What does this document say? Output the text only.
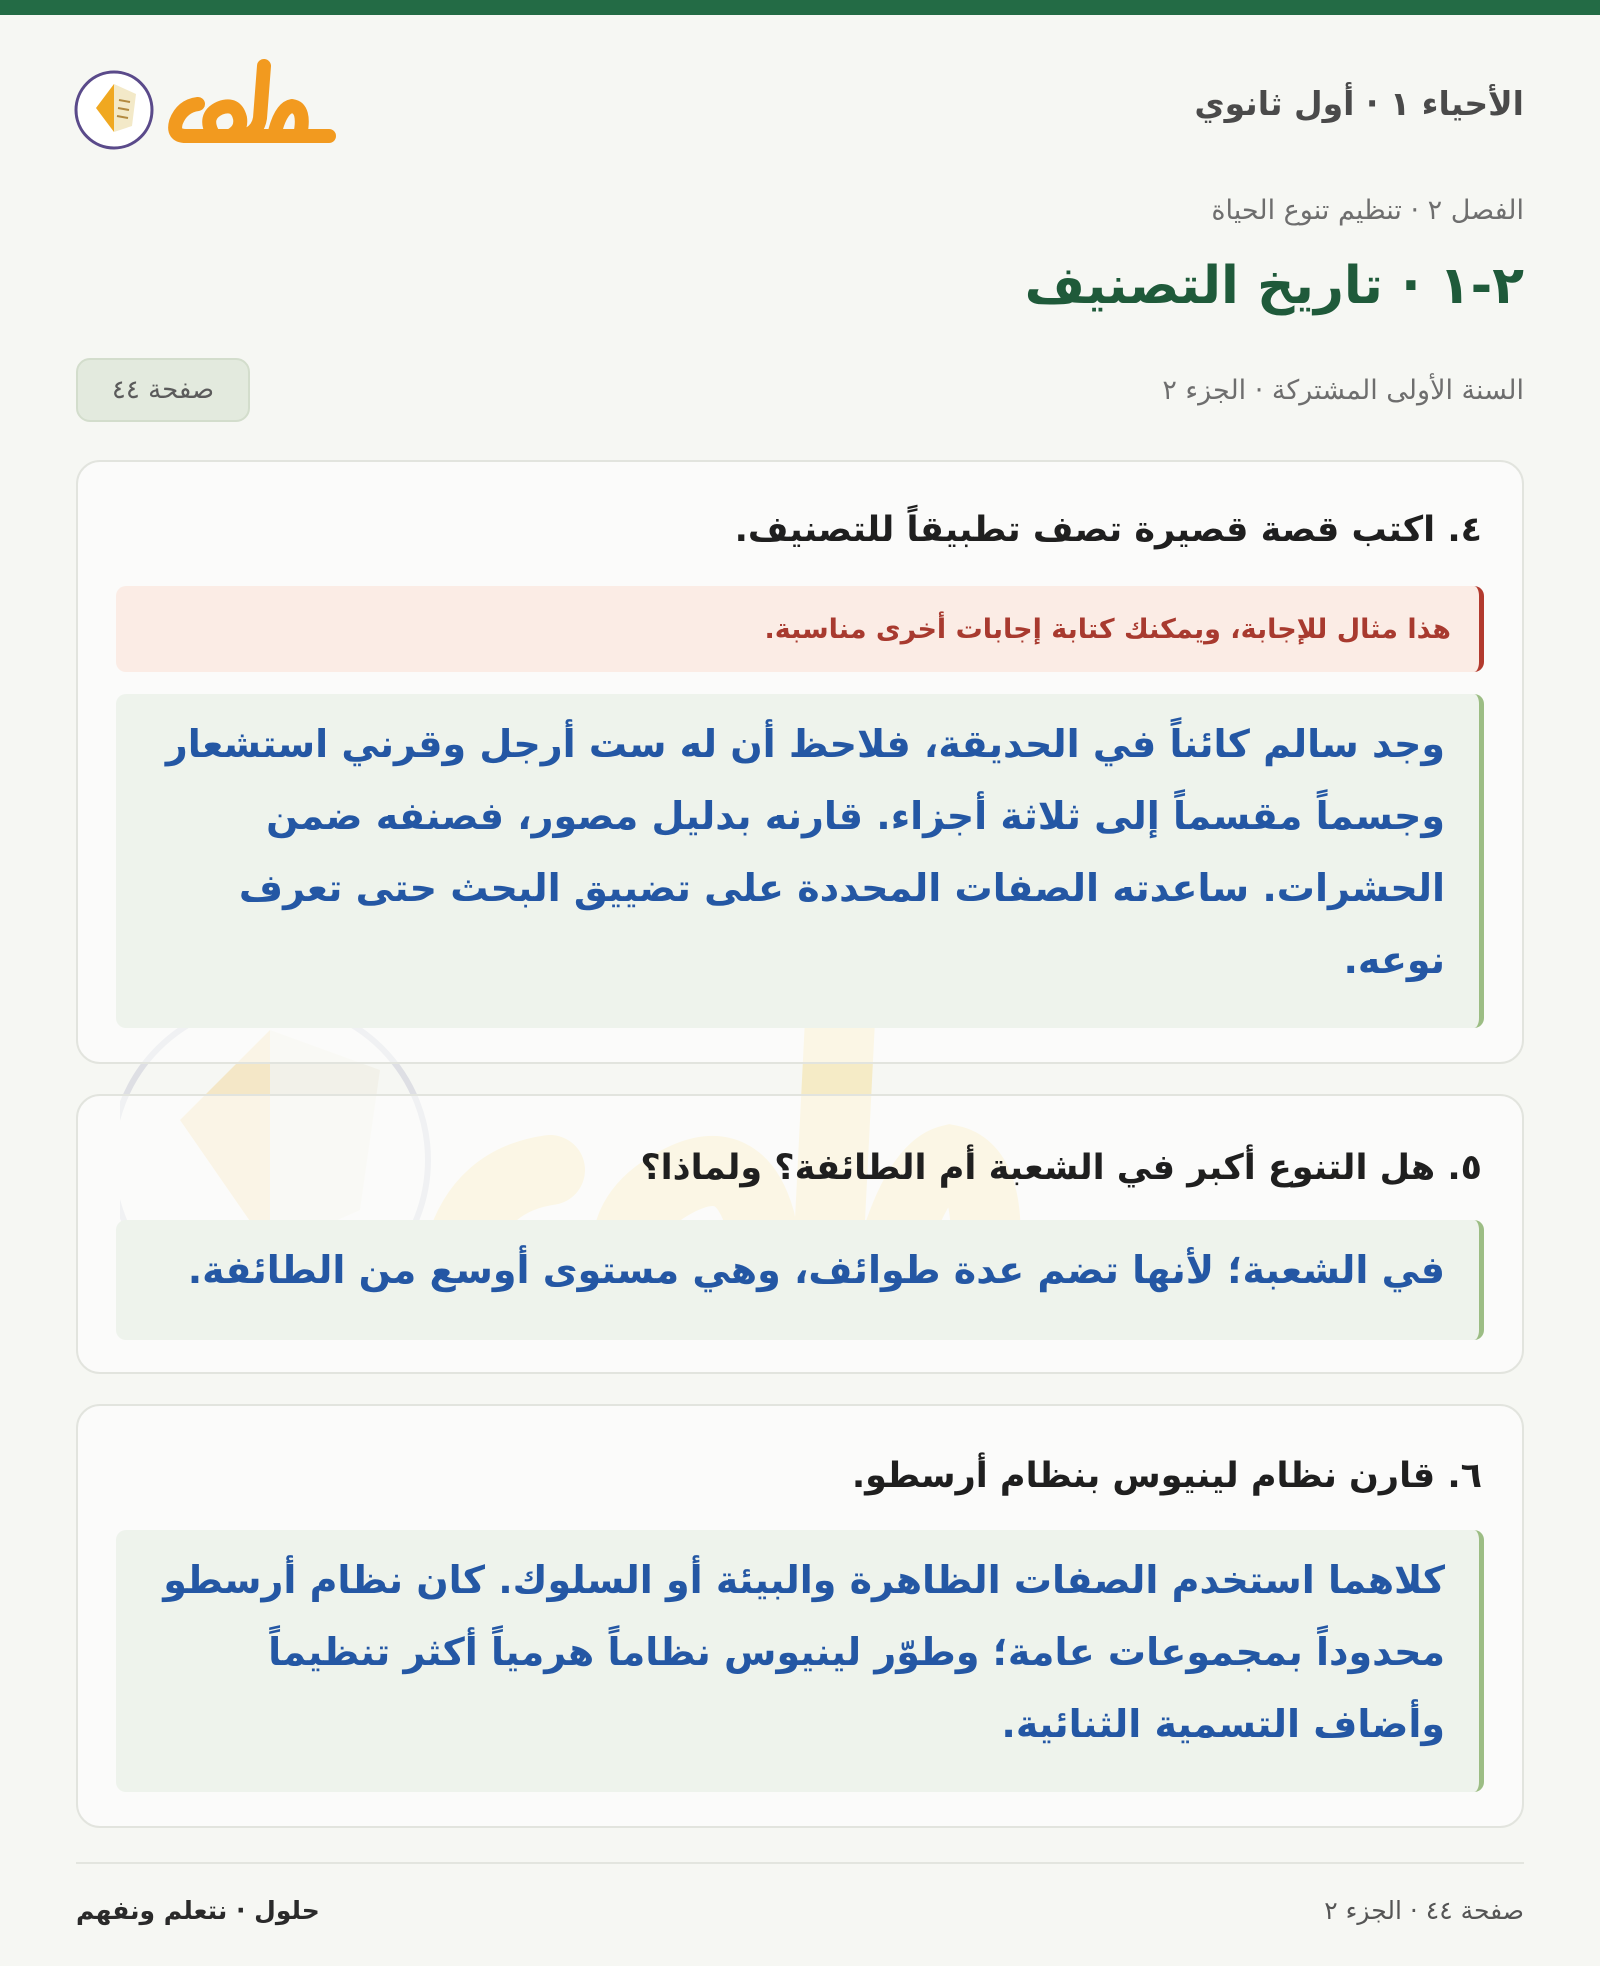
الأحياء ١ · أول ثانوي
الفصل ٢ · تنظيم تنوع الحياة
٢-١ · تاريخ التصنيف
السنة الأولى المشتركة · الجزء ٢
صفحة ٤٤
٤. اكتب قصة قصيرة تصف تطبيقاً للتصنيف.
هذا مثال للإجابة، ويمكنك كتابة إجابات أخرى مناسبة.
وجد سالم كائناً في الحديقة، فلاحظ أن له ست أرجل وقرني استشعار وجسماً مقسماً إلى ثلاثة أجزاء. قارنه بدليل مصور، فصنفه ضمن الحشرات. ساعدته الصفات المحددة على تضييق البحث حتى تعرف نوعه.
٥. هل التنوع أكبر في الشعبة أم الطائفة؟ ولماذا؟
في الشعبة؛ لأنها تضم عدة طوائف، وهي مستوى أوسع من الطائفة.
٦. قارن نظام لينيوس بنظام أرسطو.
كلاهما استخدم الصفات الظاهرة والبيئة أو السلوك. كان نظام أرسطو محدوداً بمجموعات عامة؛ وطوّر لينيوس نظاماً هرمياً أكثر تنظيماً وأضاف التسمية الثنائية.
صفحة ٤٤ · الجزء ٢
حلول · نتعلم ونفهم
